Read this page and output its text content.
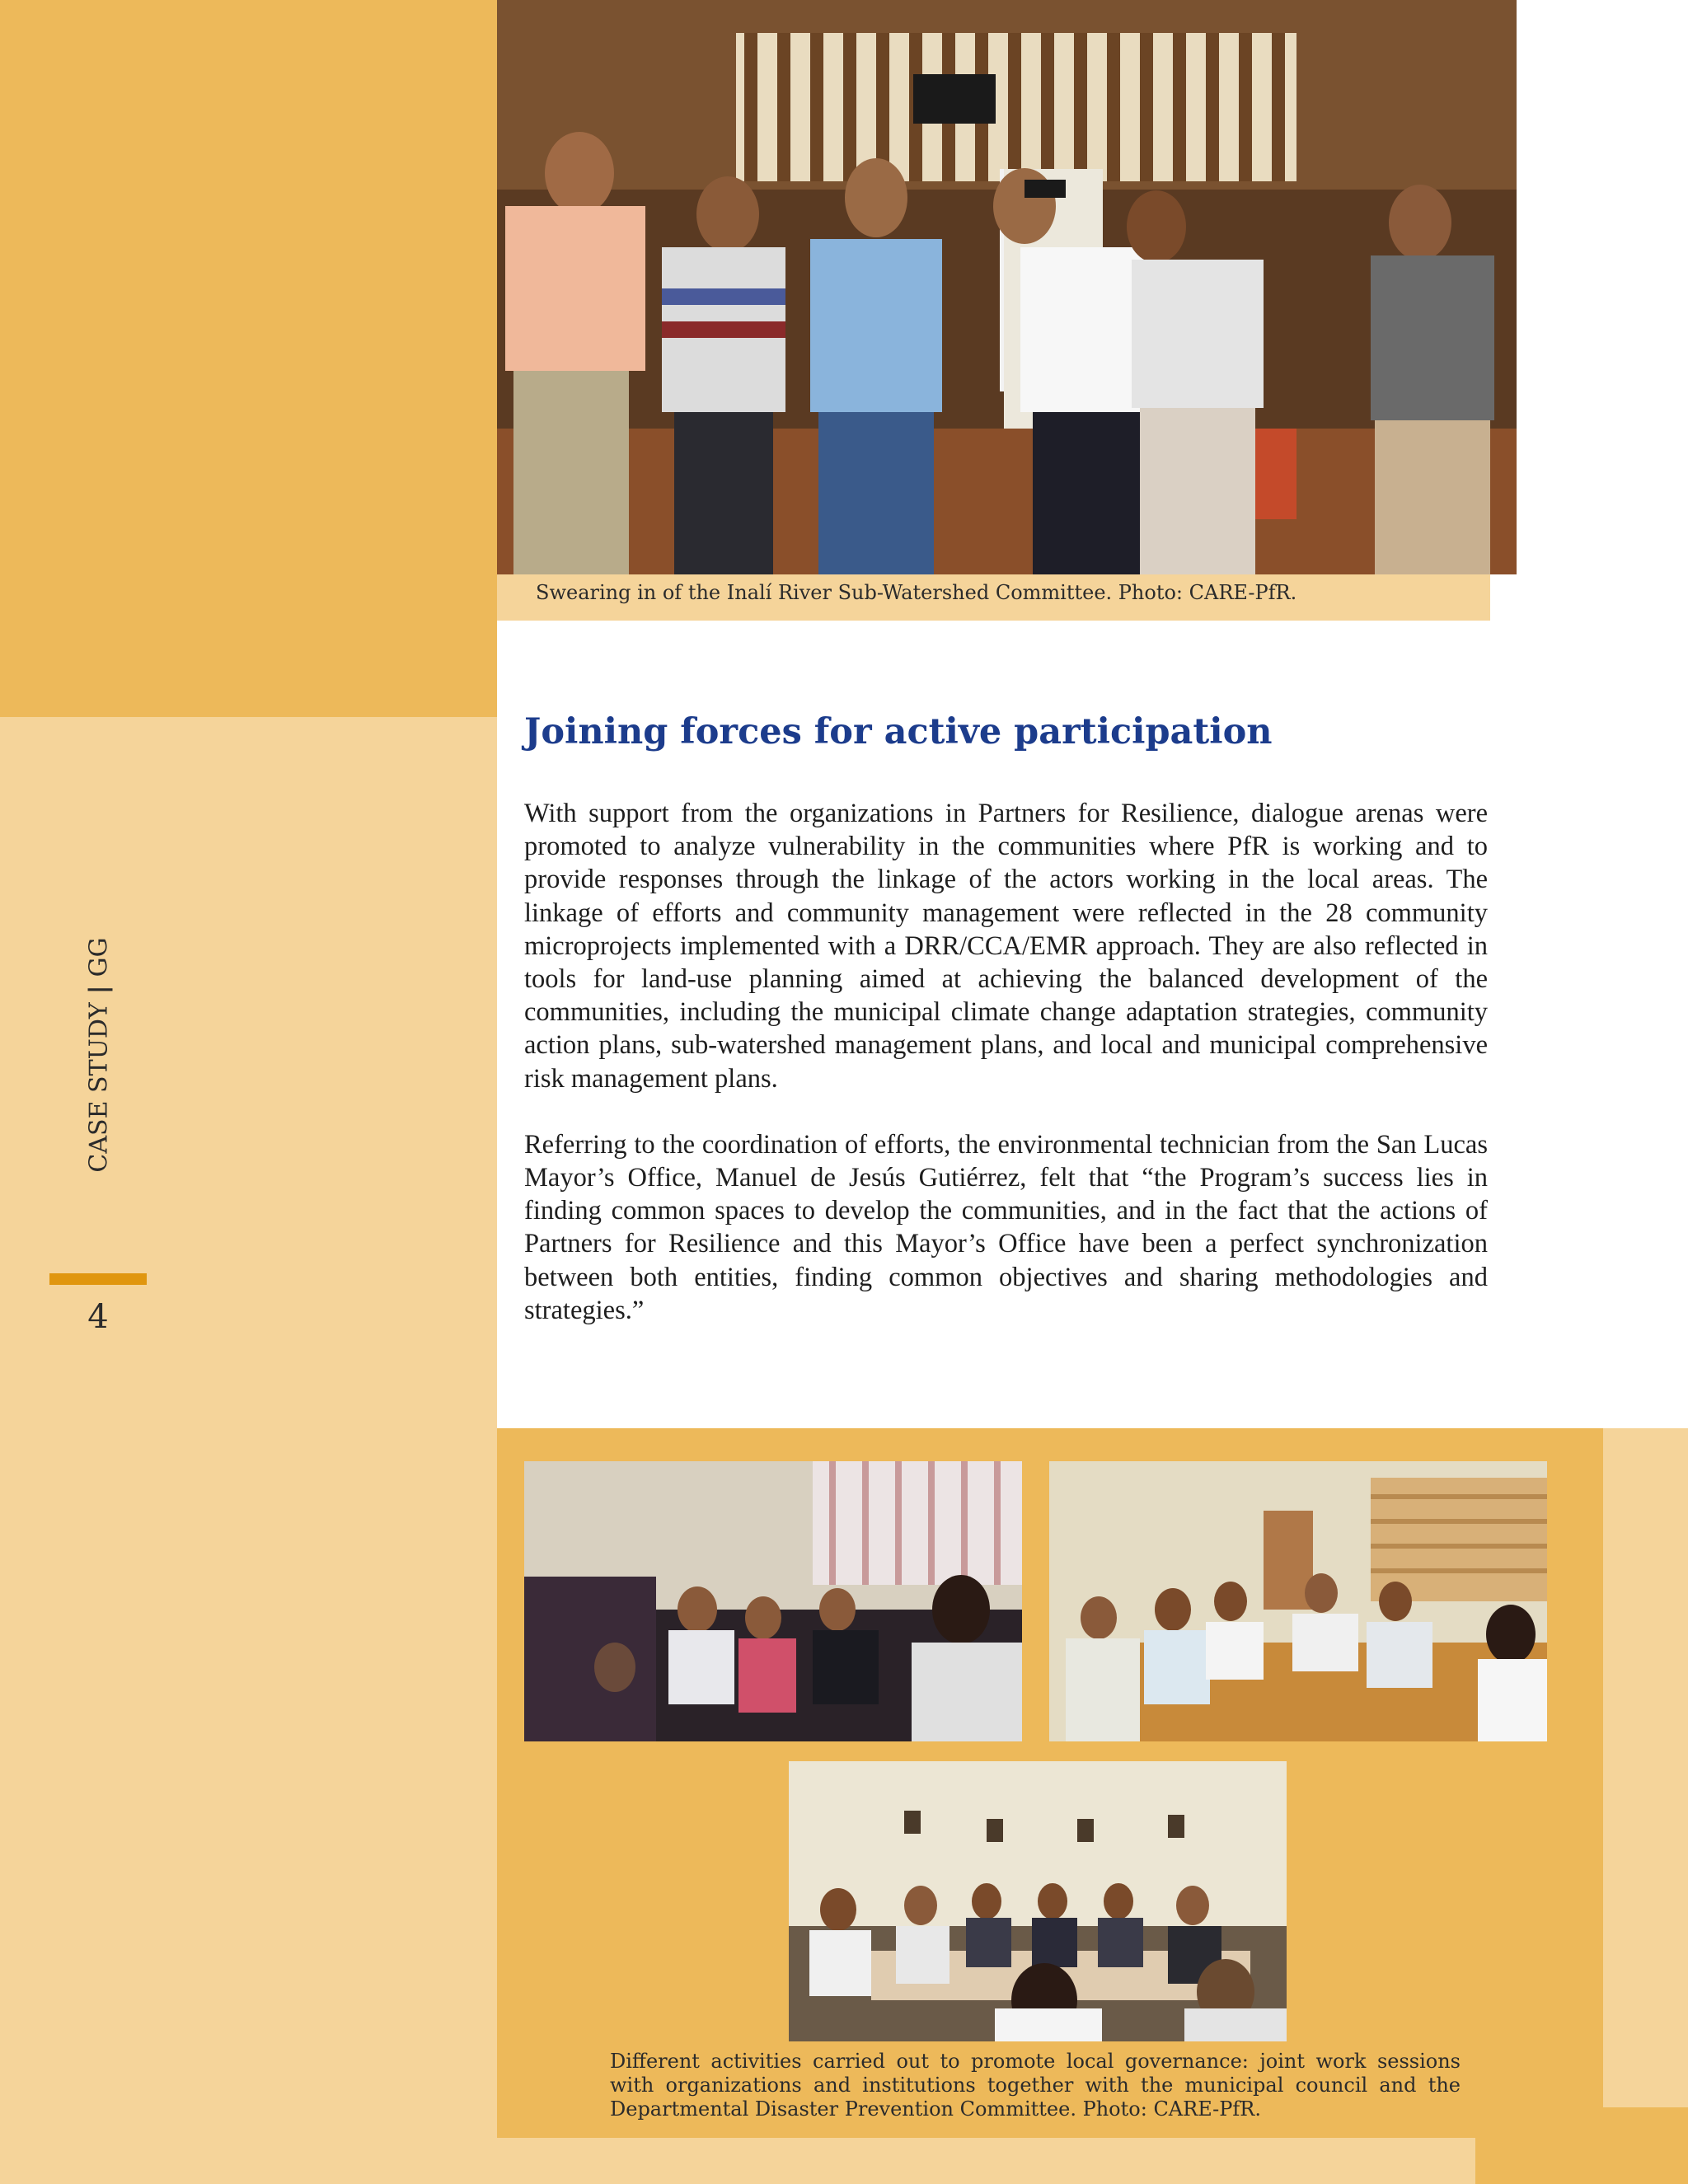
Swearing in of the Inalí River Sub-Watershed Committee. Photo: CARE-PfR.
Joining forces for active participation

With support from the organizations in Partners for Resilience, dialogue arenas were promoted to analyze vulnerability in the communities where PfR is working and to provide responses through the linkage of the actors working in the local areas. The linkage of efforts and community management were reflected in the 28 community microprojects implemented with a DRR/CCA/EMR approach. They are also reflected in tools for land-use planning aimed at achieving the balanced development of the communities, including the municipal climate change adaptation strategies, community action plans, sub-watershed management plans, and local and municipal comprehensive risk management plans.

Referring to the coordination of efforts, the environmental technician from the San Lucas Mayor’s Office, Manuel de Jesús Gutiérrez, felt that “the Program’s success lies in finding common spaces to develop the communities, and in the fact that the actions of Partners for Resilience and this Mayor’s Office have been a perfect synchronization between both entities, finding common objectives and sharing methodologies and strategies.”

CASE STUDY
|
GG
4
Different activities carried out to promote local governance: joint work sessions with organizations and institutions together with the municipal council and the Departmental Disaster Prevention Committee. Photo: CARE-PfR.
